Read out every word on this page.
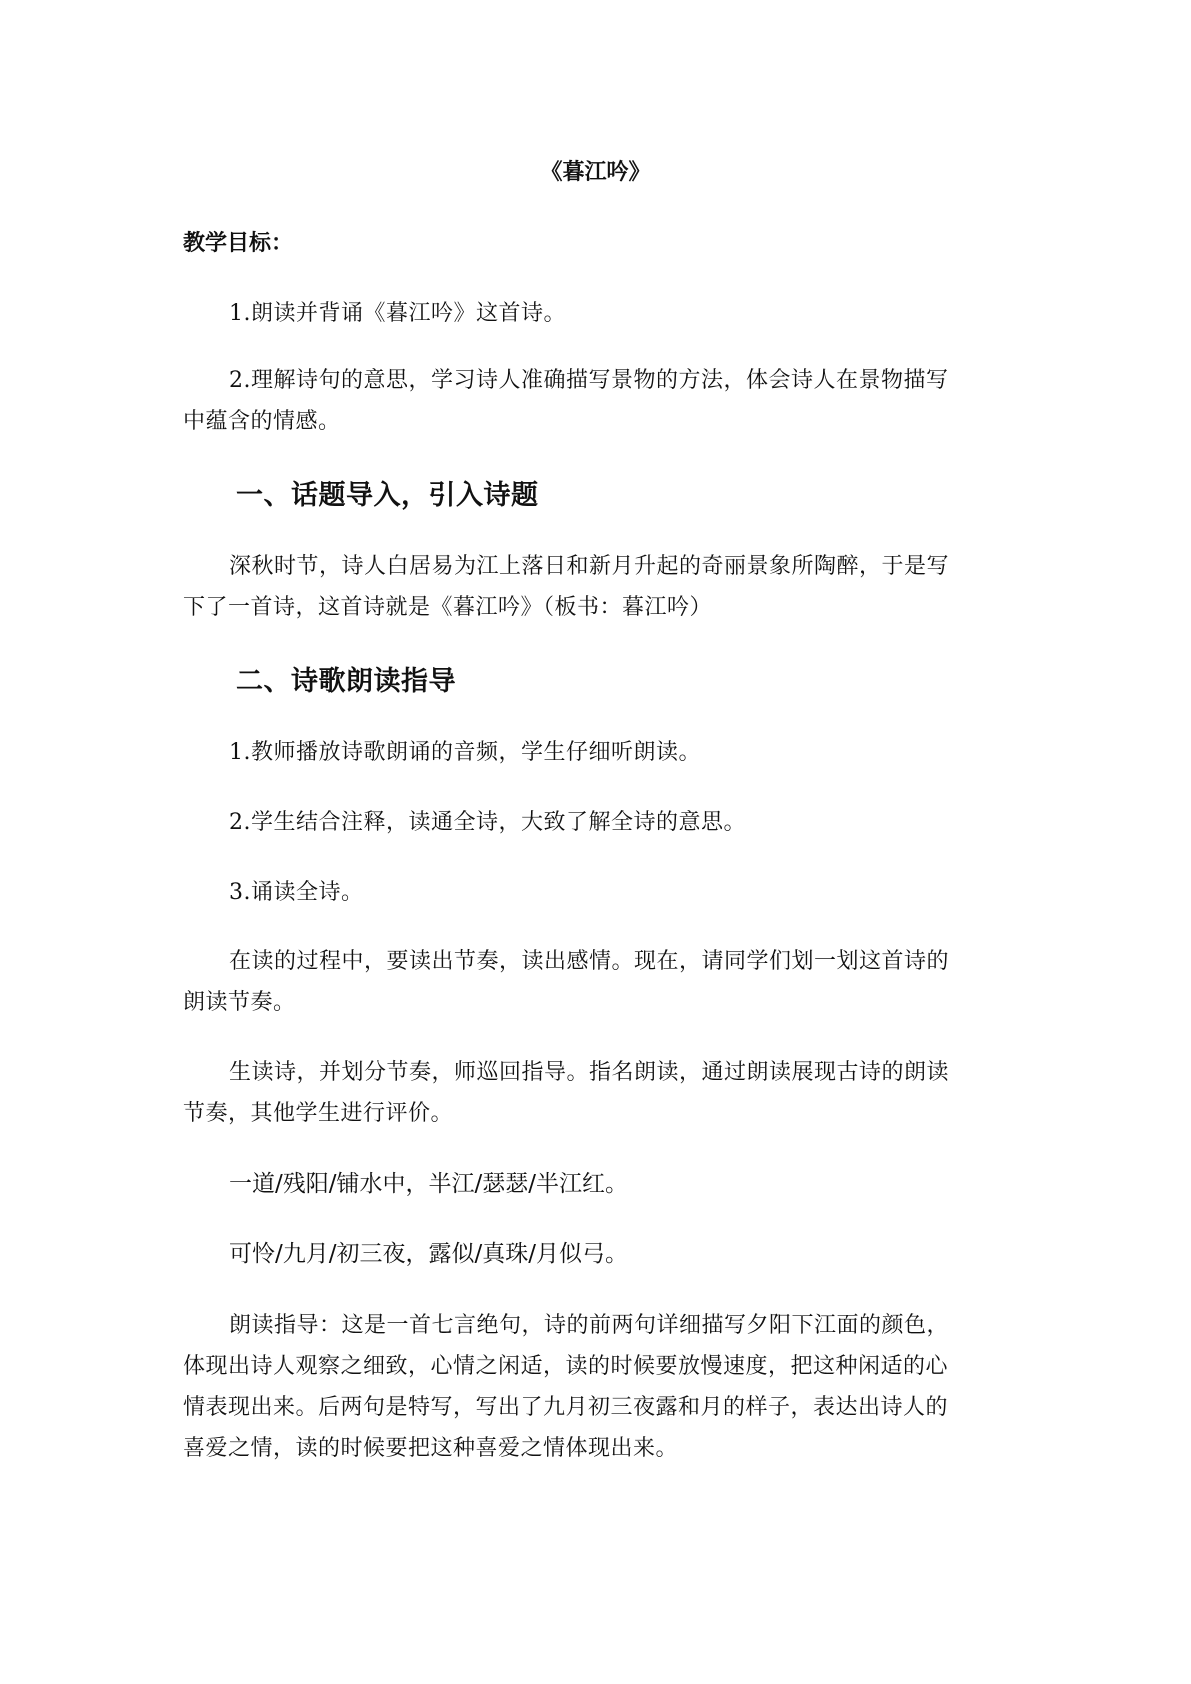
《暮江吟》
教学目标：
1.朗读并背诵《暮江吟》这首诗。
2.理解诗句的意思，学习诗人准确描写景物的方法，体会诗人在景物描写
中蕴含的情感。
一、话题导入，引入诗题
深秋时节，诗人白居易为江上落日和新月升起的奇丽景象所陶醉，于是写
下了一首诗，这首诗就是《暮江吟》（板书：暮江吟）
二、诗歌朗读指导
1.教师播放诗歌朗诵的音频，学生仔细听朗读。
2.学生结合注释，读通全诗，大致了解全诗的意思。
3.诵读全诗。
在读的过程中，要读出节奏，读出感情。现在，请同学们划一划这首诗的
朗读节奏。
生读诗，并划分节奏，师巡回指导。指名朗读，通过朗读展现古诗的朗读
节奏，其他学生进行评价。
一道/残阳/铺水中，半江/瑟瑟/半江红。
可怜/九月/初三夜，露似/真珠/月似弓。
朗读指导：这是一首七言绝句，诗的前两句详细描写夕阳下江面的颜色，
体现出诗人观察之细致，心情之闲适，读的时候要放慢速度，把这种闲适的心
情表现出来。后两句是特写，写出了九月初三夜露和月的样子，表达出诗人的
喜爱之情，读的时候要把这种喜爱之情体现出来。
